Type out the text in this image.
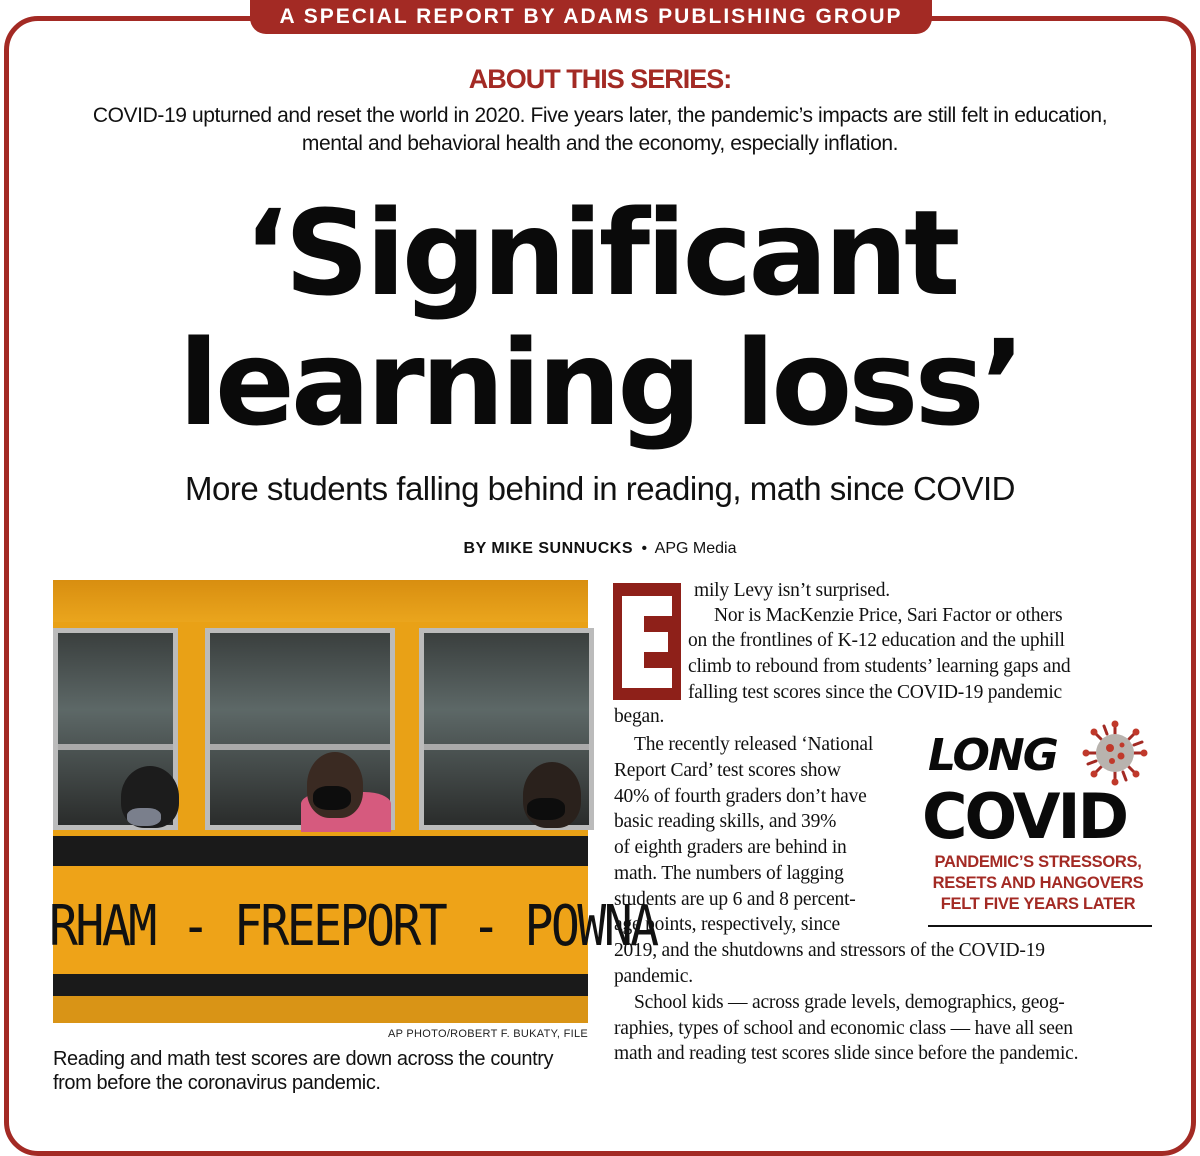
A SPECIAL REPORT BY ADAMS PUBLISHING GROUP
ABOUT THIS SERIES:
COVID-19 upturned and reset the world in 2020. Five years later, the pandemic’s impacts are still felt in education,
mental and behavioral health and the economy, especially inflation.
‘Significant
learning loss’
More students falling behind in reading, math since COVID
BY MIKE SUNNUCKS • APG Media
RHAM - FREEPORT - POWNA
AP PHOTO/ROBERT F. BUKATY, FILE
Reading and math test scores are down across the country
from before the coronavirus pandemic.
mily Levy isn’t surprised.
Nor is MacKenzie Price, Sari Factor or others
on the frontlines of K-12 education and the uphill
climb to rebound from students’ learning gaps and
falling test scores since the COVID-19 pandemic
began.
The recently released ‘National
Report Card’ test scores show
40% of fourth graders don’t have
basic reading skills, and 39%
of eighth graders are behind in
math. The numbers of lagging
students are up 6 and 8 percent-
age points, respectively, since
2019, and the shutdowns and stressors of the COVID-19
pandemic.
School kids — across grade levels, demographics, geog-
raphies, types of school and economic class — have all seen
math and reading test scores slide since before the pandemic.
LONG
COVID
PANDEMIC’S STRESSORS,
RESETS AND HANGOVERS
FELT FIVE YEARS LATER
